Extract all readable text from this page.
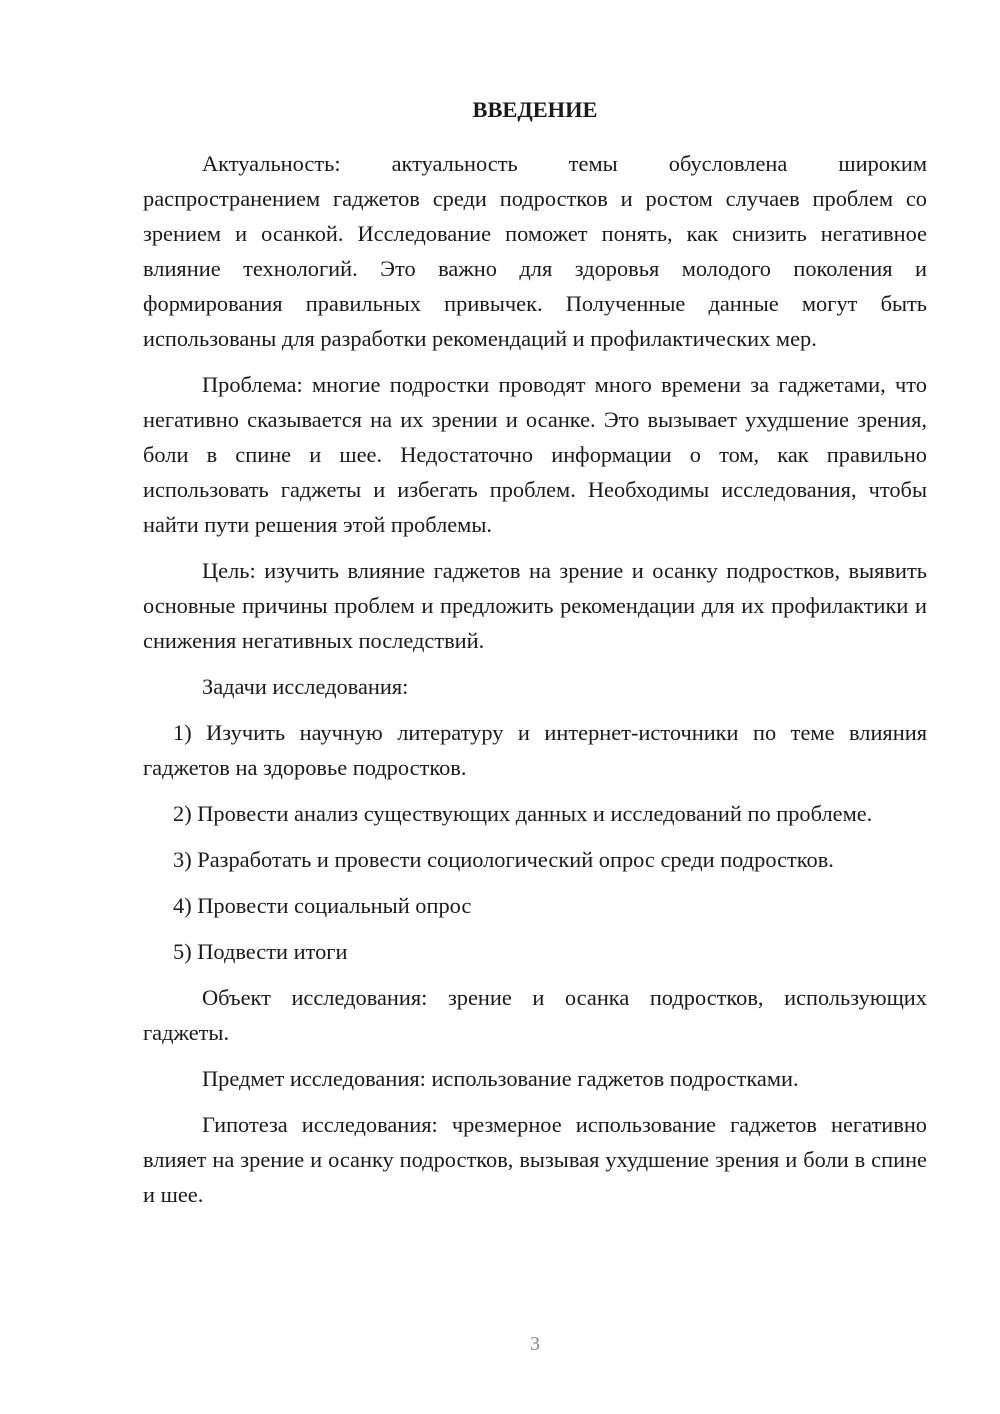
ВВЕДЕНИЕ

Актуальность: актуальность темы обусловлена широким распространением гаджетов среди подростков и ростом случаев проблем со зрением и осанкой. Исследование поможет понять, как снизить негативное влияние технологий. Это важно для здоровья молодого поколения и формирования правильных привычек. Полученные данные могут быть использованы для разработки рекомендаций и профилактических мер.

Проблема: многие подростки проводят много времени за гаджетами, что негативно сказывается на их зрении и осанке. Это вызывает ухудшение зрения, боли в спине и шее. Недостаточно информации о том, как правильно использовать гаджеты и избегать проблем. Необходимы исследования, чтобы найти пути решения этой проблемы.

Цель: изучить влияние гаджетов на зрение и осанку подростков, выявить основные причины проблем и предложить рекомендации для их профилактики и снижения негативных последствий.

Задачи исследования:

1) Изучить научную литературу и интернет-источники по теме влияния гаджетов на здоровье подростков.

2) Провести анализ существующих данных и исследований по проблеме.

3) Разработать и провести социологический опрос среди подростков.

4) Провести социальный опрос

5) Подвести итоги

Объект исследования: зрение и осанка подростков, использующих гаджеты.

Предмет исследования: использование гаджетов подростками.

Гипотеза исследования: чрезмерное использование гаджетов негативно влияет на зрение и осанку подростков, вызывая ухудшение зрения и боли в спине и шее.

3
